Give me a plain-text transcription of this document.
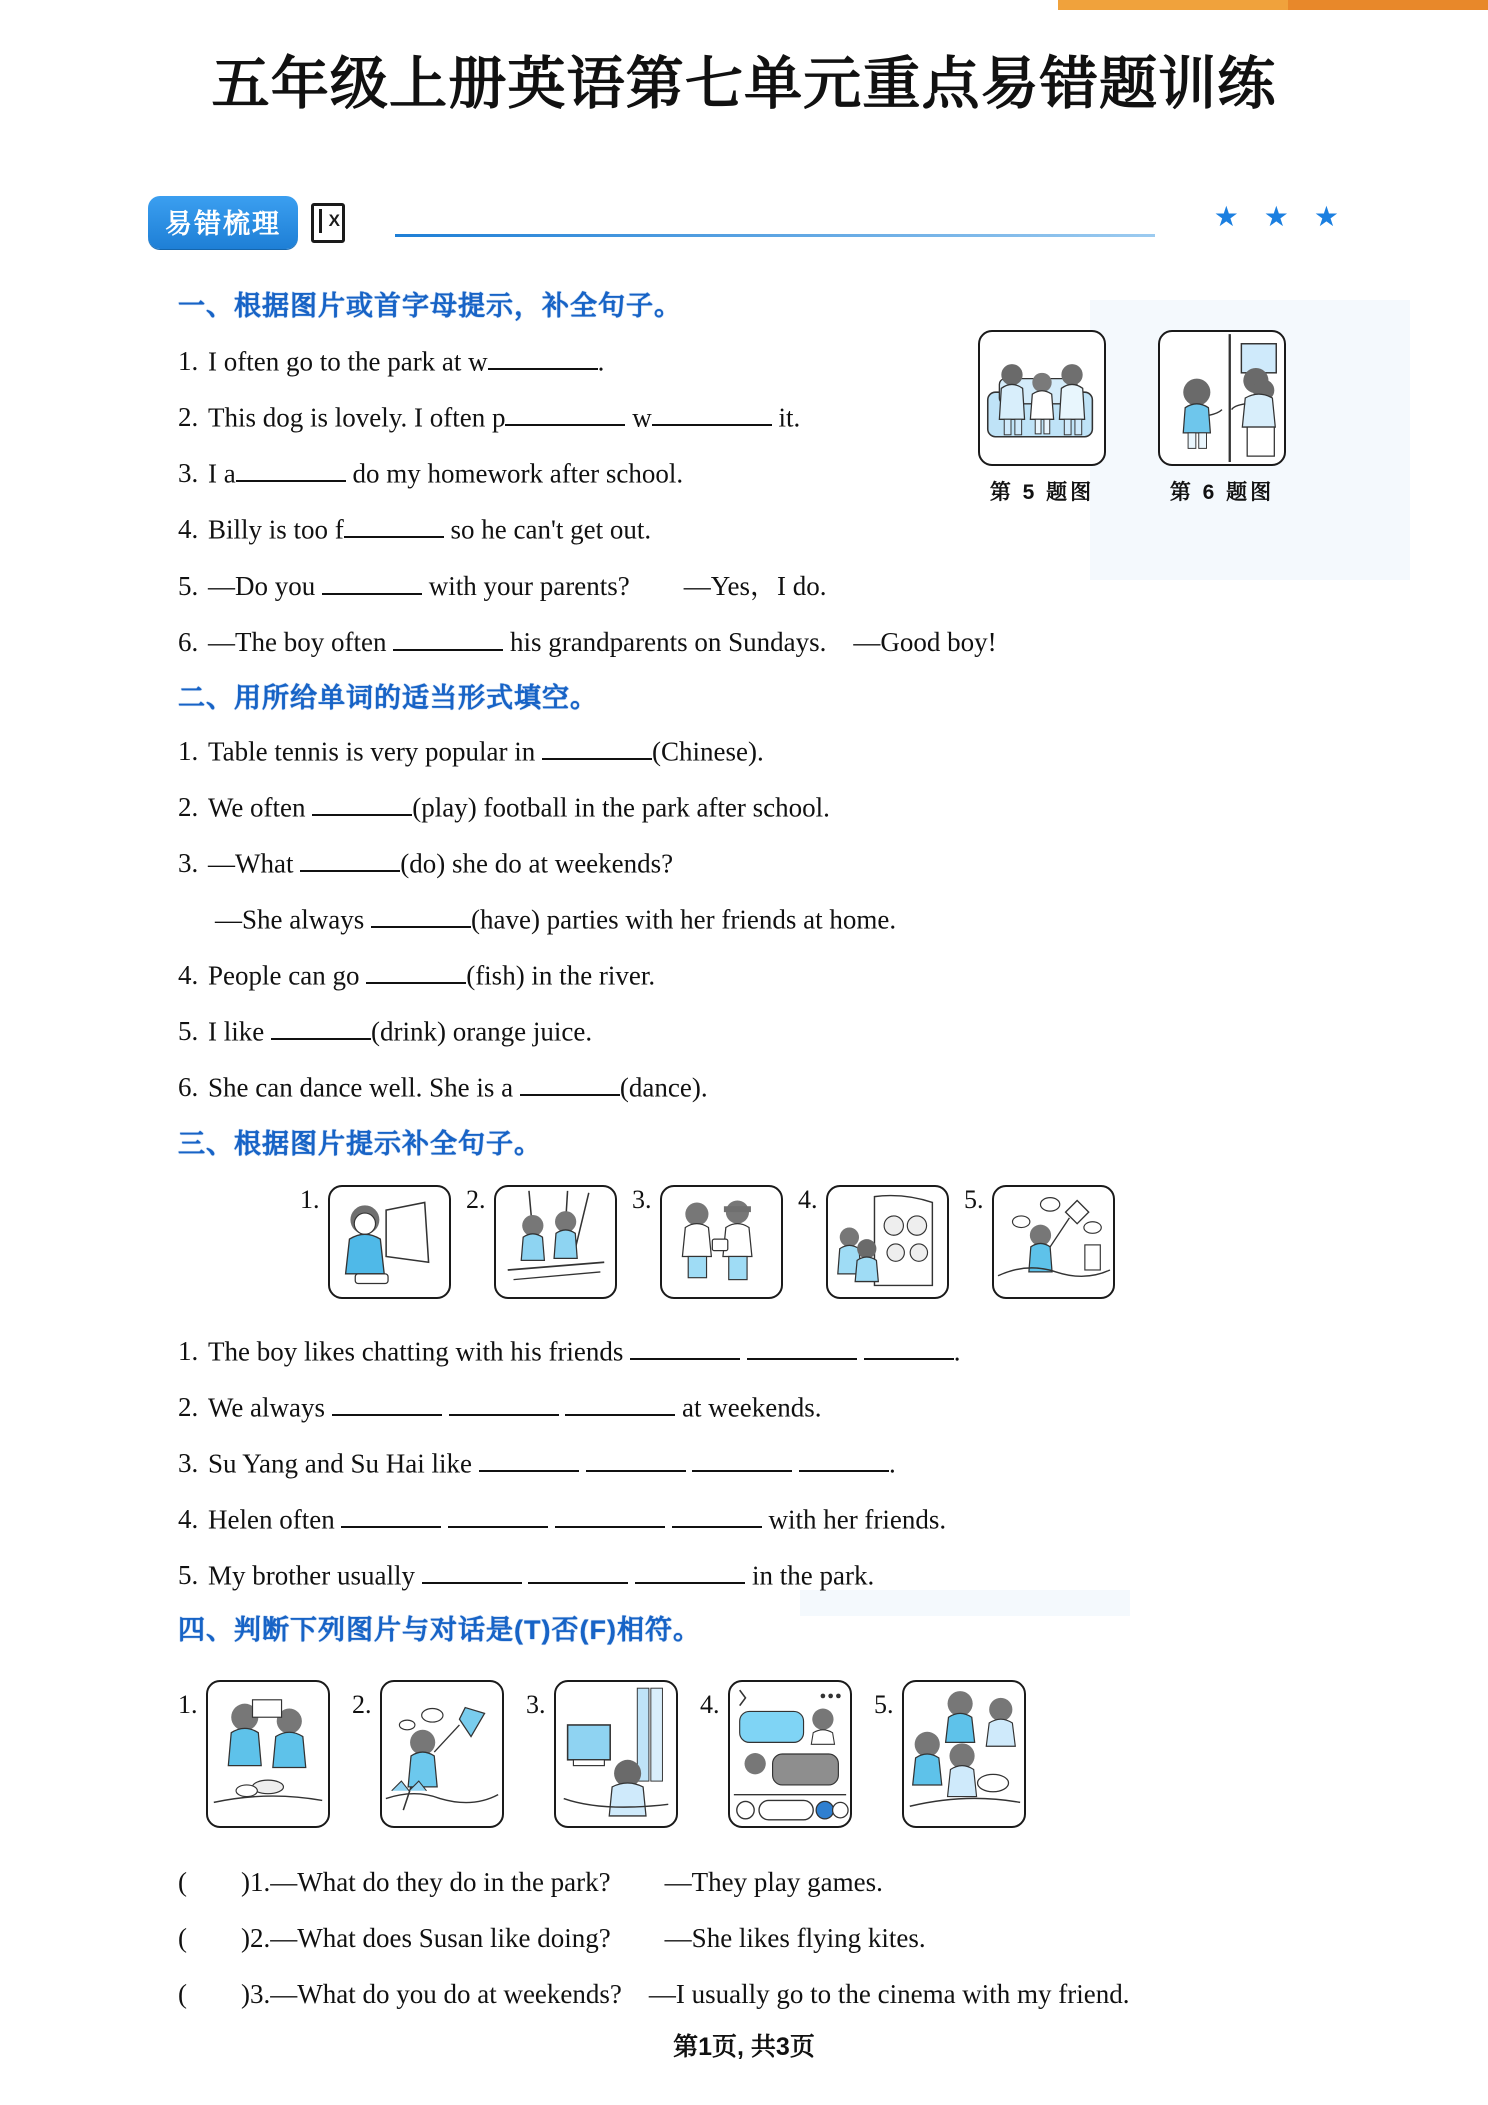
五年级上册英语第七单元重点易错题训练
易错梳理	★ ★ ★
一、根据图片或首字母提示，补全句子。
1. I often go to the park at w	.
2. This dog is lovely. I often p	w	it.
3. I a	do my homework after school.
4. Billy is too f	so he can't get out.
5. —Do you	with your parents?　　—Yes，I do.
6. —The boy often	his grandparents on Sundays.　—Good boy!
第 5 题图	第 6 题图
二、用所给单词的适当形式填空。
1. Table tennis is very popular in	(Chinese).
2. We often	(play) football in the park after school.
3. —What	(do) she do at weekends?
—She always	(have) parties with her friends at home.
4. People can go	(fish) in the river.
5. I like	(drink) orange juice.
6. She can dance well. She is a	(dance).
三、根据图片提示补全句子。
1.	2.	3.	4.	5.
1. The boy likes chatting with his friends	.
2. We always	at weekends.
3. Su Yang and Su Hai like	.
4. Helen often	with her friends.
5. My brother usually	in the park.
四、判断下列图片与对话是(T)否(F)相符。
1.	2.	3.	4.	5.
(　　)1.—What do they do in the park?　　—They play games.
(　　)2.—What does Susan like doing?　　—She likes flying kites.
(　　)3.—What do you do at weekends?　—I usually go to the cinema with my friend.
第1页, 共3页
